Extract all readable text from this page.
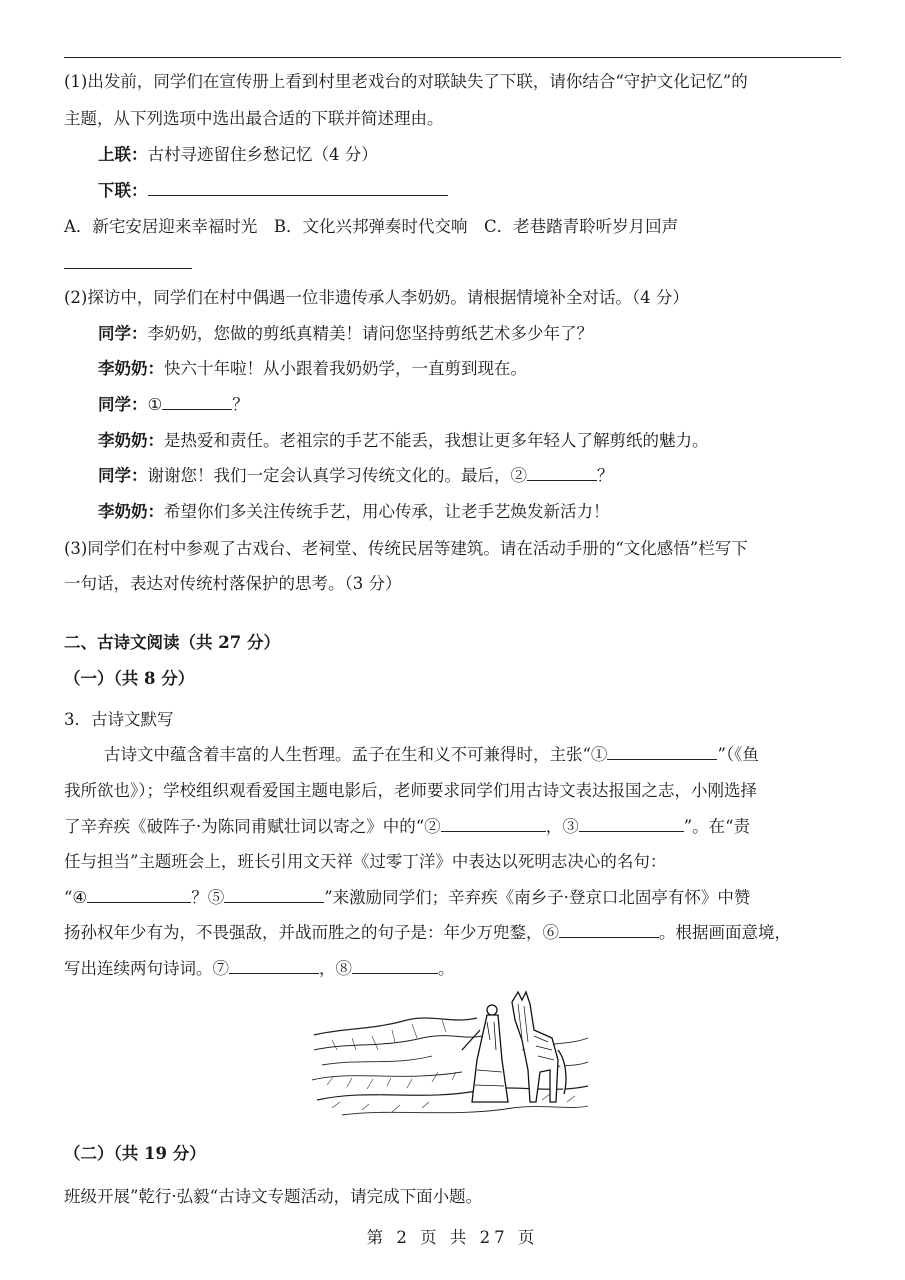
(1)出发前，同学们在宣传册上看到村里老戏台的对联缺失了下联，请你结合“守护文化记忆”的
主题，从下列选项中选出最合适的下联并简述理由。
上联：古村寻迹留住乡愁记忆（4 分）
下联：
A．新宅安居迎来幸福时光　B．文化兴邦弹奏时代交响　C．老巷踏青聆听岁月回声
(2)探访中，同学们在村中偶遇一位非遗传承人李奶奶。请根据情境补全对话。（4 分）
同学：李奶奶，您做的剪纸真精美！请问您坚持剪纸艺术多少年了？
李奶奶：快六十年啦！从小跟着我奶奶学，一直剪到现在。
同学：①	？
李奶奶：是热爱和责任。老祖宗的手艺不能丢，我想让更多年轻人了解剪纸的魅力。
同学：谢谢您！我们一定会认真学习传统文化的。最后，②	？
李奶奶：希望你们多关注传统手艺，用心传承，让老手艺焕发新活力！
(3)同学们在村中参观了古戏台、老祠堂、传统民居等建筑。请在活动手册的“文化感悟”栏写下
一句话，表达对传统村落保护的思考。（3 分）
二、古诗文阅读（共 27 分）
（一）（共 8 分）
3．古诗文默写
古诗文中蕴含着丰富的人生哲理。孟子在生和义不可兼得时，主张“①	”（《鱼
我所欲也》）；学校组织观看爱国主题电影后，老师要求同学们用古诗文表达报国之志，小刚选择
了辛弃疾《破阵子·为陈同甫赋壮词以寄之》中的“②	，③	”。在“责
任与担当”主题班会上，班长引用文天祥《过零丁洋》中表达以死明志决心的名句：
“④	？⑤	”来激励同学们；辛弃疾《南乡子·登京口北固亭有怀》中赞
扬孙权年少有为，不畏强敌，并战而胜之的句子是：年少万兜鍪，⑥	。根据画面意境，
写出连续两句诗词。⑦	，⑧	。
（二）（共 19 分）
班级开展”乾行·弘毅“古诗文专题活动，请完成下面小题。
第 2 页 共 27 页
